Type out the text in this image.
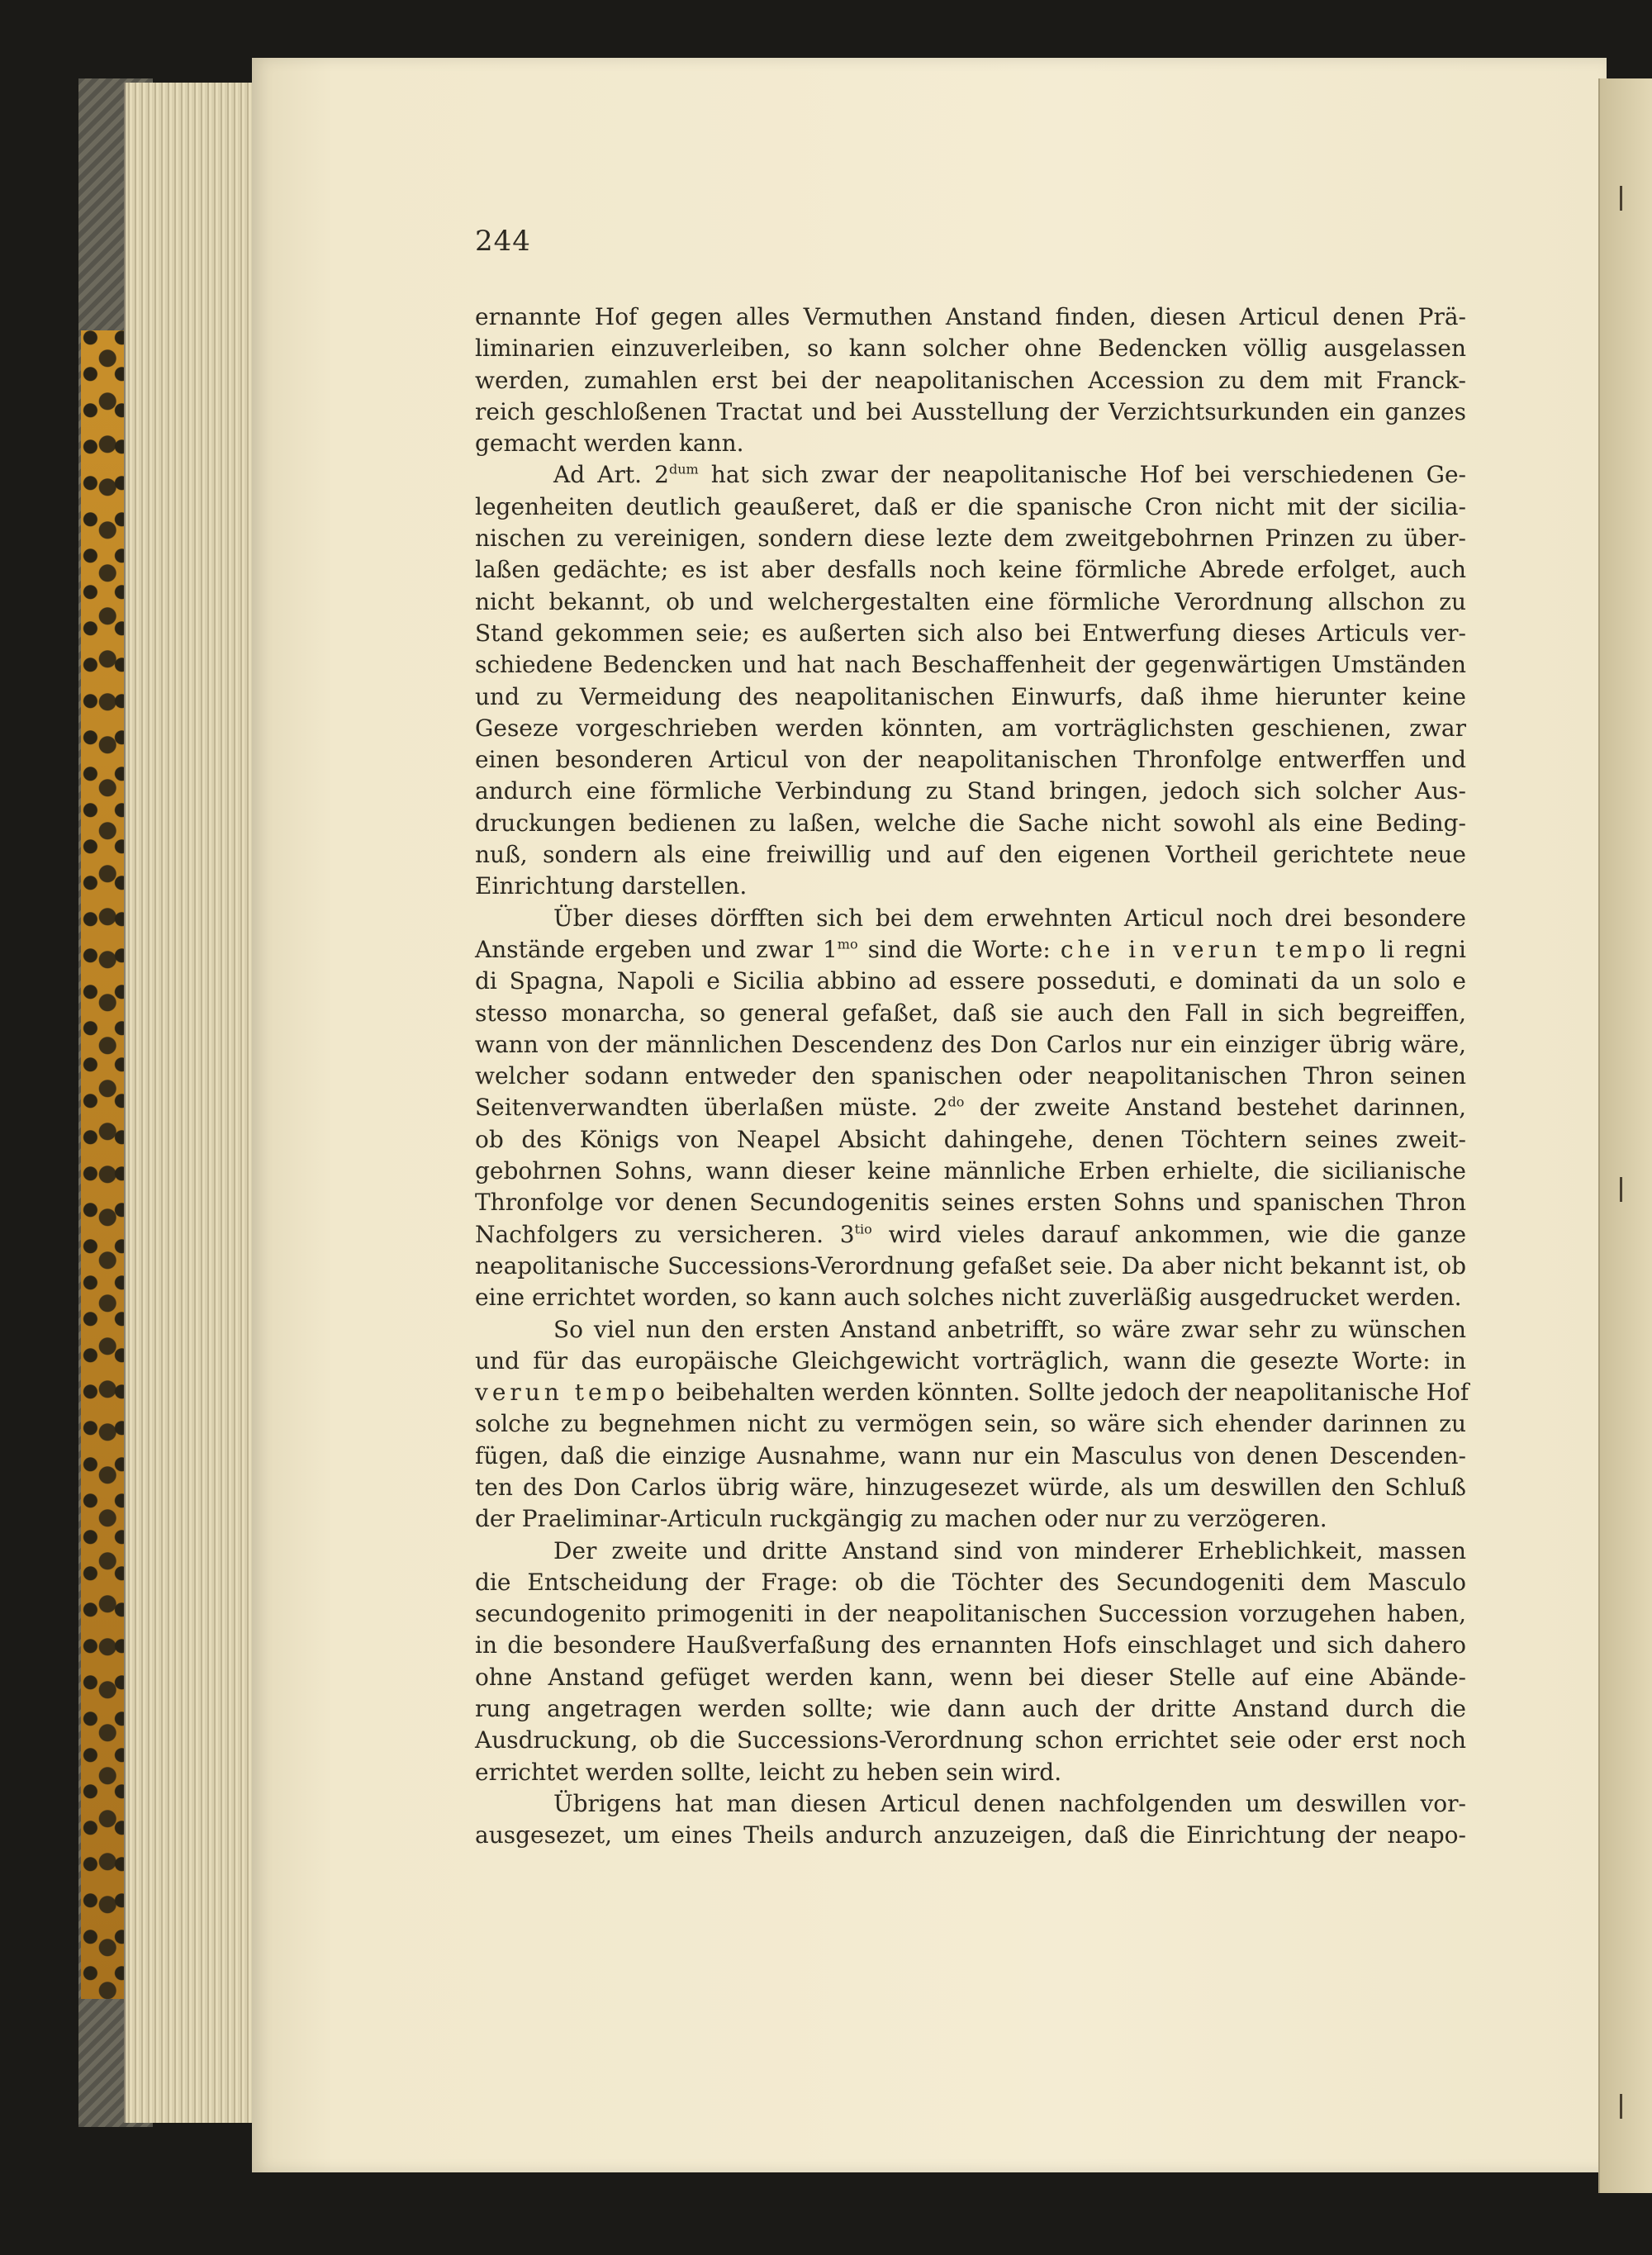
244
ernannte Hof gegen alles Vermuthen Anstand finden, diesen Articul denen Prä-
liminarien einzuverleiben, so kann solcher ohne Bedencken völlig ausgelassen
werden, zumahlen erst bei der neapolitanischen Accession zu dem mit Franck-
reich geschloßenen Tractat und bei Ausstellung der Verzichtsurkunden ein ganzes
gemacht werden kann.
Ad Art. $2^{dum}$ hat sich zwar der neapolitanische Hof bei verschiedenen Ge-
legenheiten deutlich geaußeret, daß er die spanische Cron nicht mit der sicilia-
nischen zu vereinigen, sondern diese lezte dem zweitgebohrnen Prinzen zu über-
laßen gedächte; es ist aber desfalls noch keine förmliche Abrede erfolget, auch
nicht bekannt, ob und welchergestalten eine förmliche Verordnung allschon zu
Stand gekommen seie; es außerten sich also bei Entwerfung dieses Articuls ver-
schiedene Bedencken und hat nach Beschaffenheit der gegenwärtigen Umständen
und zu Vermeidung des neapolitanischen Einwurfs, daß ihme hierunter keine
Geseze vorgeschrieben werden könnten, am vorträglichsten geschienen, zwar
einen besonderen Articul von der neapolitanischen Thronfolge entwerffen und
andurch eine förmliche Verbindung zu Stand bringen, jedoch sich solcher Aus-
druckungen bedienen zu laßen, welche die Sache nicht sowohl als eine Beding-
nuß, sondern als eine freiwillig und auf den eigenen Vortheil gerichtete neue
Einrichtung darstellen.
Über dieses dörfften sich bei dem erwehnten Articul noch drei besondere
Anstände ergeben und zwar $1^{mo}$ sind die Worte: che in verun tempo li regni
di Spagna, Napoli e Sicilia abbino ad essere posseduti, e dominati da un solo e
stesso monarcha, so general gefaßet, daß sie auch den Fall in sich begreiffen,
wann von der männlichen Descendenz des Don Carlos nur ein einziger übrig wäre,
welcher sodann entweder den spanischen oder neapolitanischen Thron seinen
Seitenverwandten überlaßen müste. $2^{do}$ der zweite Anstand bestehet darinnen,
ob des Königs von Neapel Absicht dahingehe, denen Töchtern seines zweit-
gebohrnen Sohns, wann dieser keine männliche Erben erhielte, die sicilianische
Thronfolge vor denen Secundogenitis seines ersten Sohns und spanischen Thron
Nachfolgers zu versicheren. $3^{tio}$ wird vieles darauf ankommen, wie die ganze
neapolitanische Successions-Verordnung gefaßet seie. Da aber nicht bekannt ist, ob
eine errichtet worden, so kann auch solches nicht zuverläßig ausgedrucket werden.
So viel nun den ersten Anstand anbetrifft, so wäre zwar sehr zu wünschen
und für das europäische Gleichgewicht vorträglich, wann die gesezte Worte: in
verun tempo beibehalten werden könnten. Sollte jedoch der neapolitanische Hof
solche zu begnehmen nicht zu vermögen sein, so wäre sich ehender darinnen zu
fügen, daß die einzige Ausnahme, wann nur ein Masculus von denen Descenden-
ten des Don Carlos übrig wäre, hinzugesezet würde, als um deswillen den Schluß
der Praeliminar-Articuln ruckgängig zu machen oder nur zu verzögeren.
Der zweite und dritte Anstand sind von minderer Erheblichkeit, massen
die Entscheidung der Frage: ob die Töchter des Secundogeniti dem Masculo
secundogenito primogeniti in der neapolitanischen Succession vorzugehen haben,
in die besondere Haußverfaßung des ernannten Hofs einschlaget und sich dahero
ohne Anstand gefüget werden kann, wenn bei dieser Stelle auf eine Abände-
rung angetragen werden sollte; wie dann auch der dritte Anstand durch die
Ausdruckung, ob die Successions-Verordnung schon errichtet seie oder erst noch
errichtet werden sollte, leicht zu heben sein wird.
Übrigens hat man diesen Articul denen nachfolgenden um deswillen vor-
ausgesezet, um eines Theils andurch anzuzeigen, daß die Einrichtung der neapo-
